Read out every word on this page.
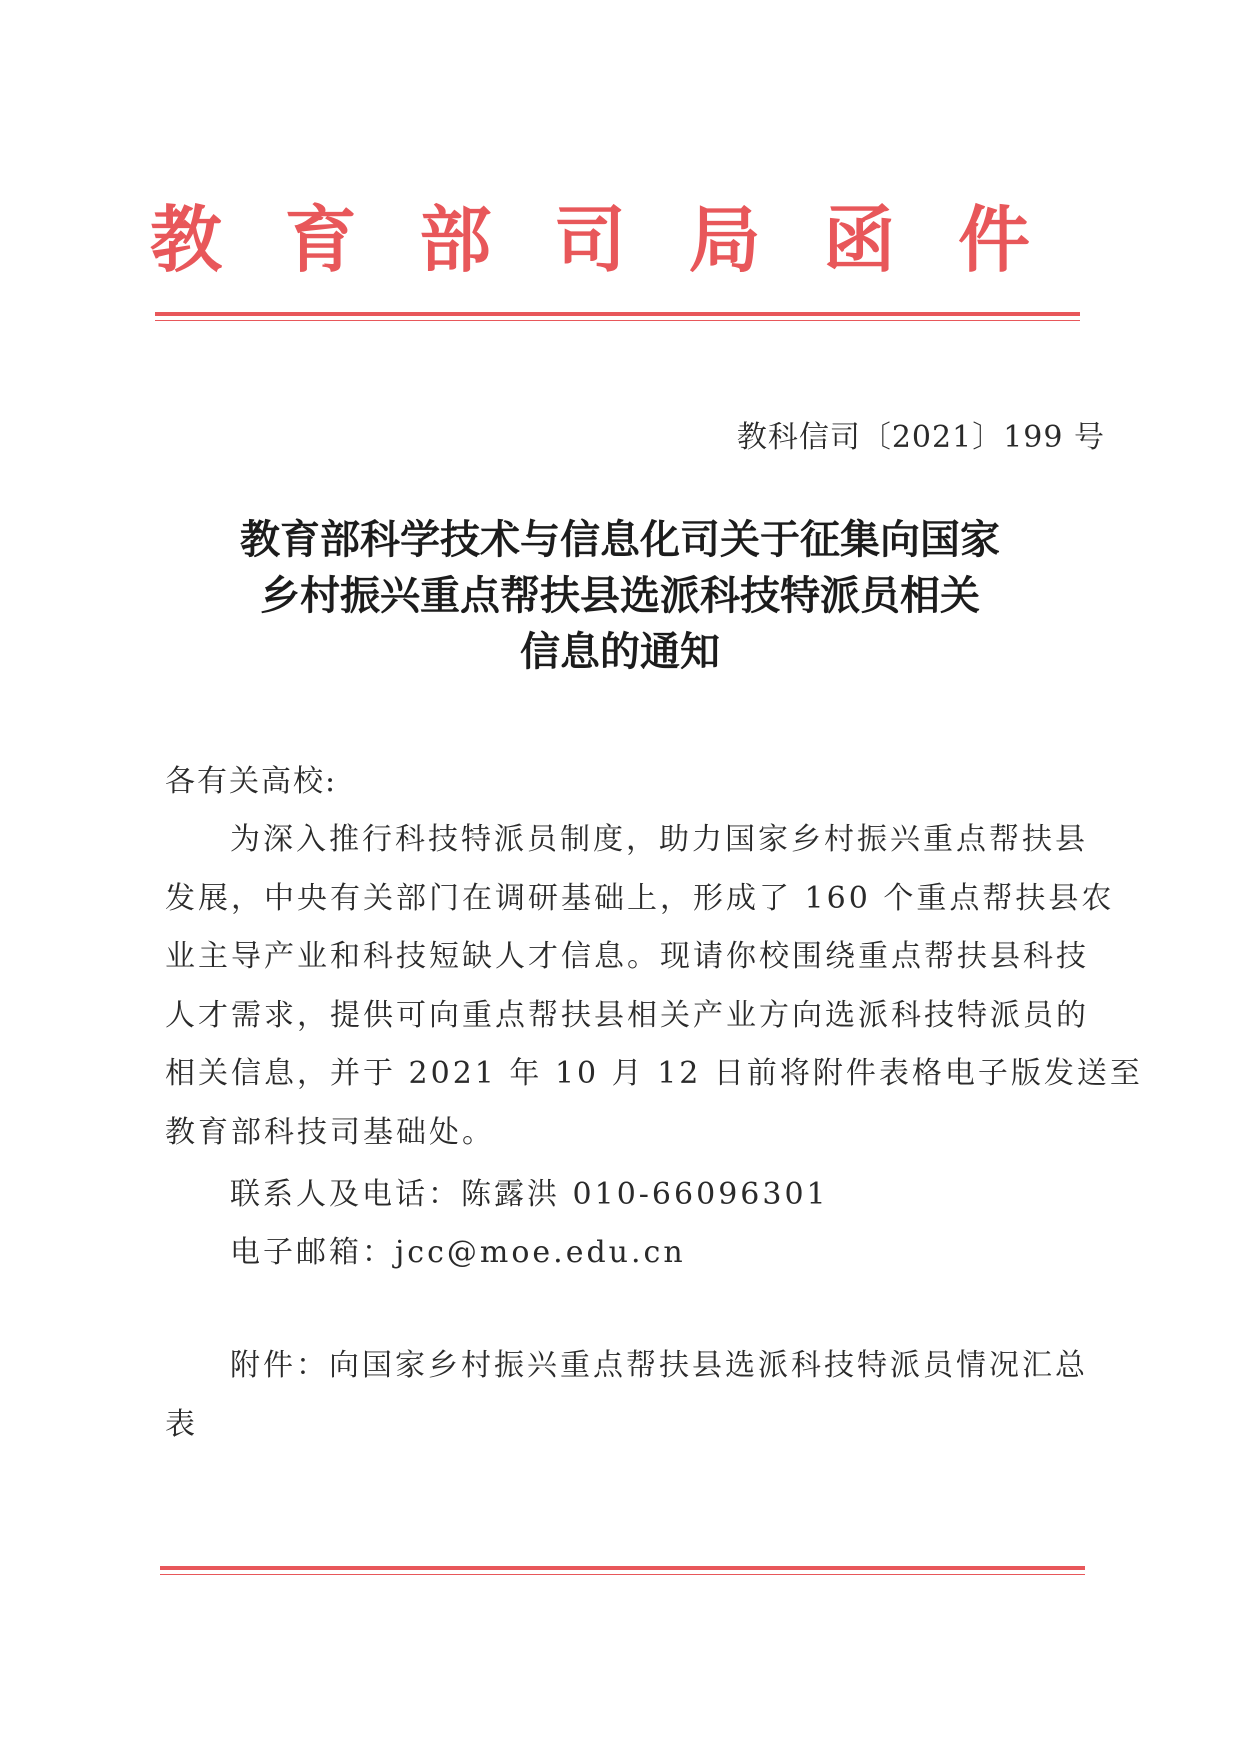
教 育 部 司 局 函 件
教科信司〔2021〕199 号
教育部科学技术与信息化司关于征集向国家
乡村振兴重点帮扶县选派科技特派员相关
信息的通知
各有关高校:
为深入推行科技特派员制度，助力国家乡村振兴重点帮扶县
发展，中央有关部门在调研基础上，形成了 160 个重点帮扶县农
业主导产业和科技短缺人才信息。现请你校围绕重点帮扶县科技
人才需求，提供可向重点帮扶县相关产业方向选派科技特派员的
相关信息，并于 2021 年 10 月 12 日前将附件表格电子版发送至
教育部科技司基础处。
联系人及电话：陈露洪 010-66096301
电子邮箱：jcc@moe.edu.cn
附件：向国家乡村振兴重点帮扶县选派科技特派员情况汇总
表
